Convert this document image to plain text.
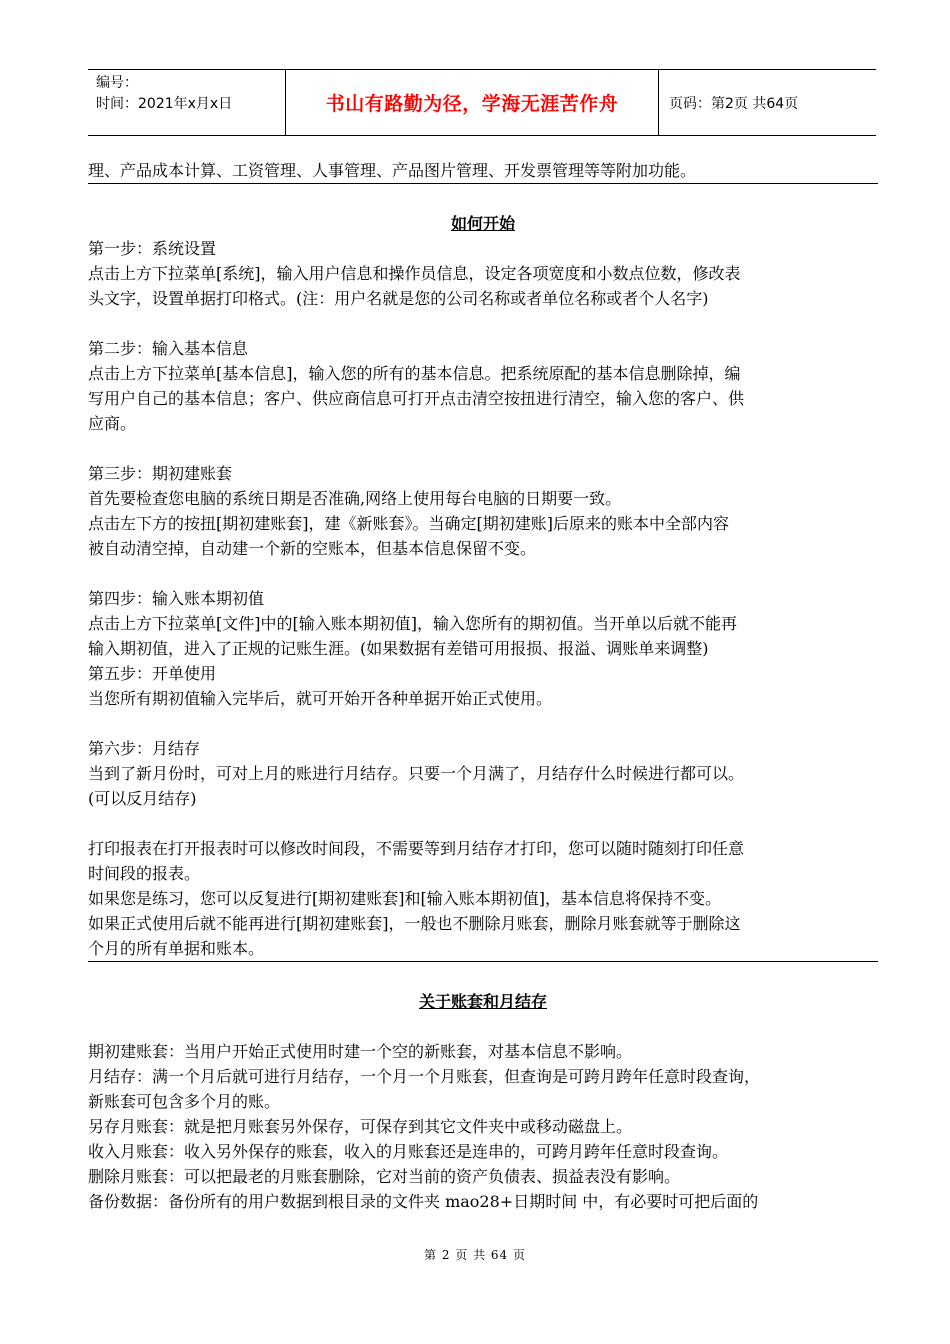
编号：
时间：2021年x月x日	书山有路勤为径，学海无涯苦作舟	页码：第2页 共64页
理、产品成本计算、工资管理、人事管理、产品图片管理、开发票管理等等附加功能。
如何开始
第一步：系统设置
点击上方下拉菜单[系统]，输入用户信息和操作员信息，设定各项宽度和小数点位数，修改表
头文字，设置单据打印格式。(注：用户名就是您的公司名称或者单位名称或者个人名字)
第二步：输入基本信息
点击上方下拉菜单[基本信息]，输入您的所有的基本信息。把系统原配的基本信息删除掉，编
写用户自己的基本信息；客户、供应商信息可打开点击清空按扭进行清空，输入您的客户、供
应商。
第三步：期初建账套
首先要检查您电脑的系统日期是否准确,网络上使用每台电脑的日期要一致。
点击左下方的按扭[期初建账套]，建《新账套》。当确定[期初建账]后原来的账本中全部内容
被自动清空掉，自动建一个新的空账本，但基本信息保留不变。
第四步：输入账本期初值
点击上方下拉菜单[文件]中的[输入账本期初值]，输入您所有的期初值。当开单以后就不能再
输入期初值，进入了正规的记账生涯。(如果数据有差错可用报损、报溢、调账单来调整)
第五步：开单使用
当您所有期初值输入完毕后，就可开始开各种单据开始正式使用。
第六步：月结存
当到了新月份时，可对上月的账进行月结存。只要一个月满了，月结存什么时候进行都可以。
(可以反月结存)
打印报表在打开报表时可以修改时间段，不需要等到月结存才打印，您可以随时随刻打印任意
时间段的报表。
如果您是练习，您可以反复进行[期初建账套]和[输入账本期初值]，基本信息将保持不变。
如果正式使用后就不能再进行[期初建账套]，一般也不删除月账套，删除月账套就等于删除这
个月的所有单据和账本。
关于账套和月结存
期初建账套：当用户开始正式使用时建一个空的新账套，对基本信息不影响。
月结存：满一个月后就可进行月结存，一个月一个月账套，但查询是可跨月跨年任意时段查询，
新账套可包含多个月的账。
另存月账套：就是把月账套另外保存，可保存到其它文件夹中或移动磁盘上。
收入月账套：收入另外保存的账套，收入的月账套还是连串的，可跨月跨年任意时段查询。
删除月账套：可以把最老的月账套删除，它对当前的资产负债表、损益表没有影响。
备份数据：备份所有的用户数据到根目录的文件夹 mao28+日期时间 中，有必要时可把后面的
第 2 页 共 64 页
